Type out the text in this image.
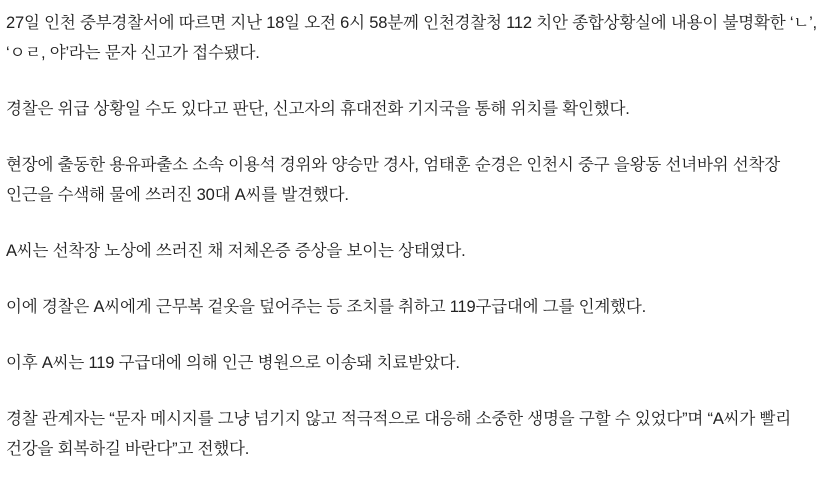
27일 인천 중부경찰서에 따르면 지난 18일 오전 6시 58분께 인천경찰청 112 치안 종합상황실에 내용이 불명확한 ‘ㄴ’, ‘ㅇㄹ, 야’라는 문자 신고가 접수됐다.

경찰은 위급 상황일 수도 있다고 판단, 신고자의 휴대전화 기지국을 통해 위치를 확인했다.

현장에 출동한 용유파출소 소속 이용석 경위와 양승만 경사, 엄태훈 순경은 인천시 중구 을왕동 선녀바위 선착장 인근을 수색해 물에 쓰러진 30대 A씨를 발견했다.

A씨는 선착장 노상에 쓰러진 채 저체온증 증상을 보이는 상태였다.

이에 경찰은 A씨에게 근무복 겉옷을 덮어주는 등 조치를 취하고 119구급대에 그를 인계했다.

이후 A씨는 119 구급대에 의해 인근 병원으로 이송돼 치료받았다.

경찰 관계자는 “문자 메시지를 그냥 넘기지 않고 적극적으로 대응해 소중한 생명을 구할 수 있었다”며 “A씨가 빨리 건강을 회복하길 바란다”고 전했다.
